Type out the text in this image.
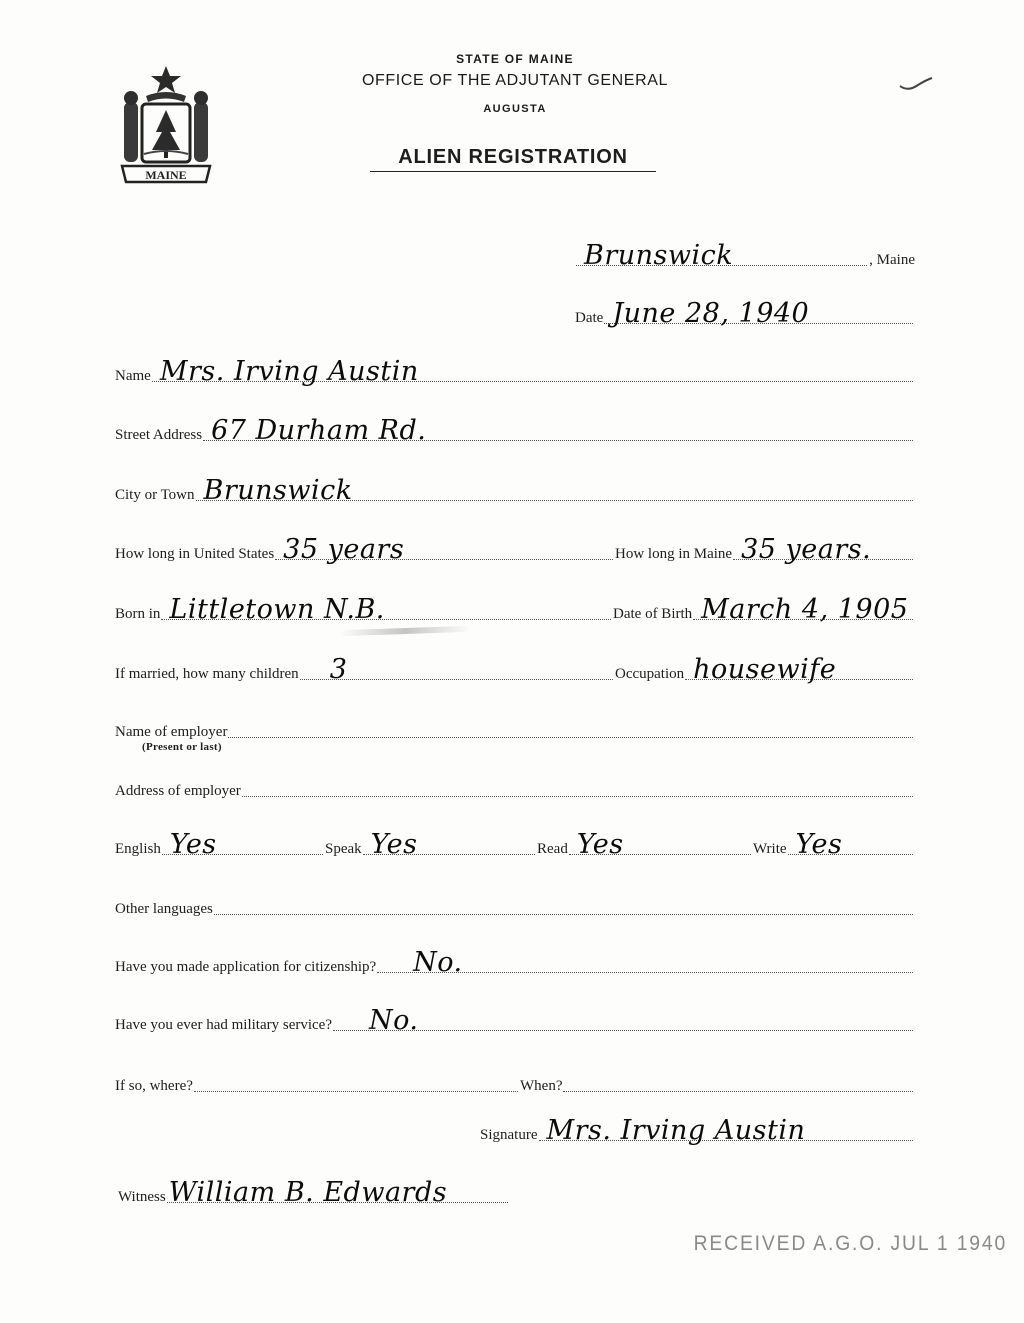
MAINE
STATE OF MAINE
OFFICE OF THE ADJUTANT GENERAL
AUGUSTA
ALIEN REGISTRATION
Brunswick	, Maine
Date June 28, 1940
Name Mrs. Irving Austin
Street Address 67 Durham Rd.
City or Town Brunswick
How long in United States 35 years	How long in Maine 35 years.
Born in Littletown N.B.	Date of Birth March 4, 1905
If married, how many children 3	Occupation housewife
Name of employer
(Present or last)
Address of employer
English Yes	Speak Yes	Read Yes	Write Yes
Other languages
Have you made application for citizenship? No.
Have you ever had military service? No.
If so, where?	When?
Signature Mrs. Irving Austin
Witness William B. Edwards
RECEIVED A.G.O. JUL 1 1940
